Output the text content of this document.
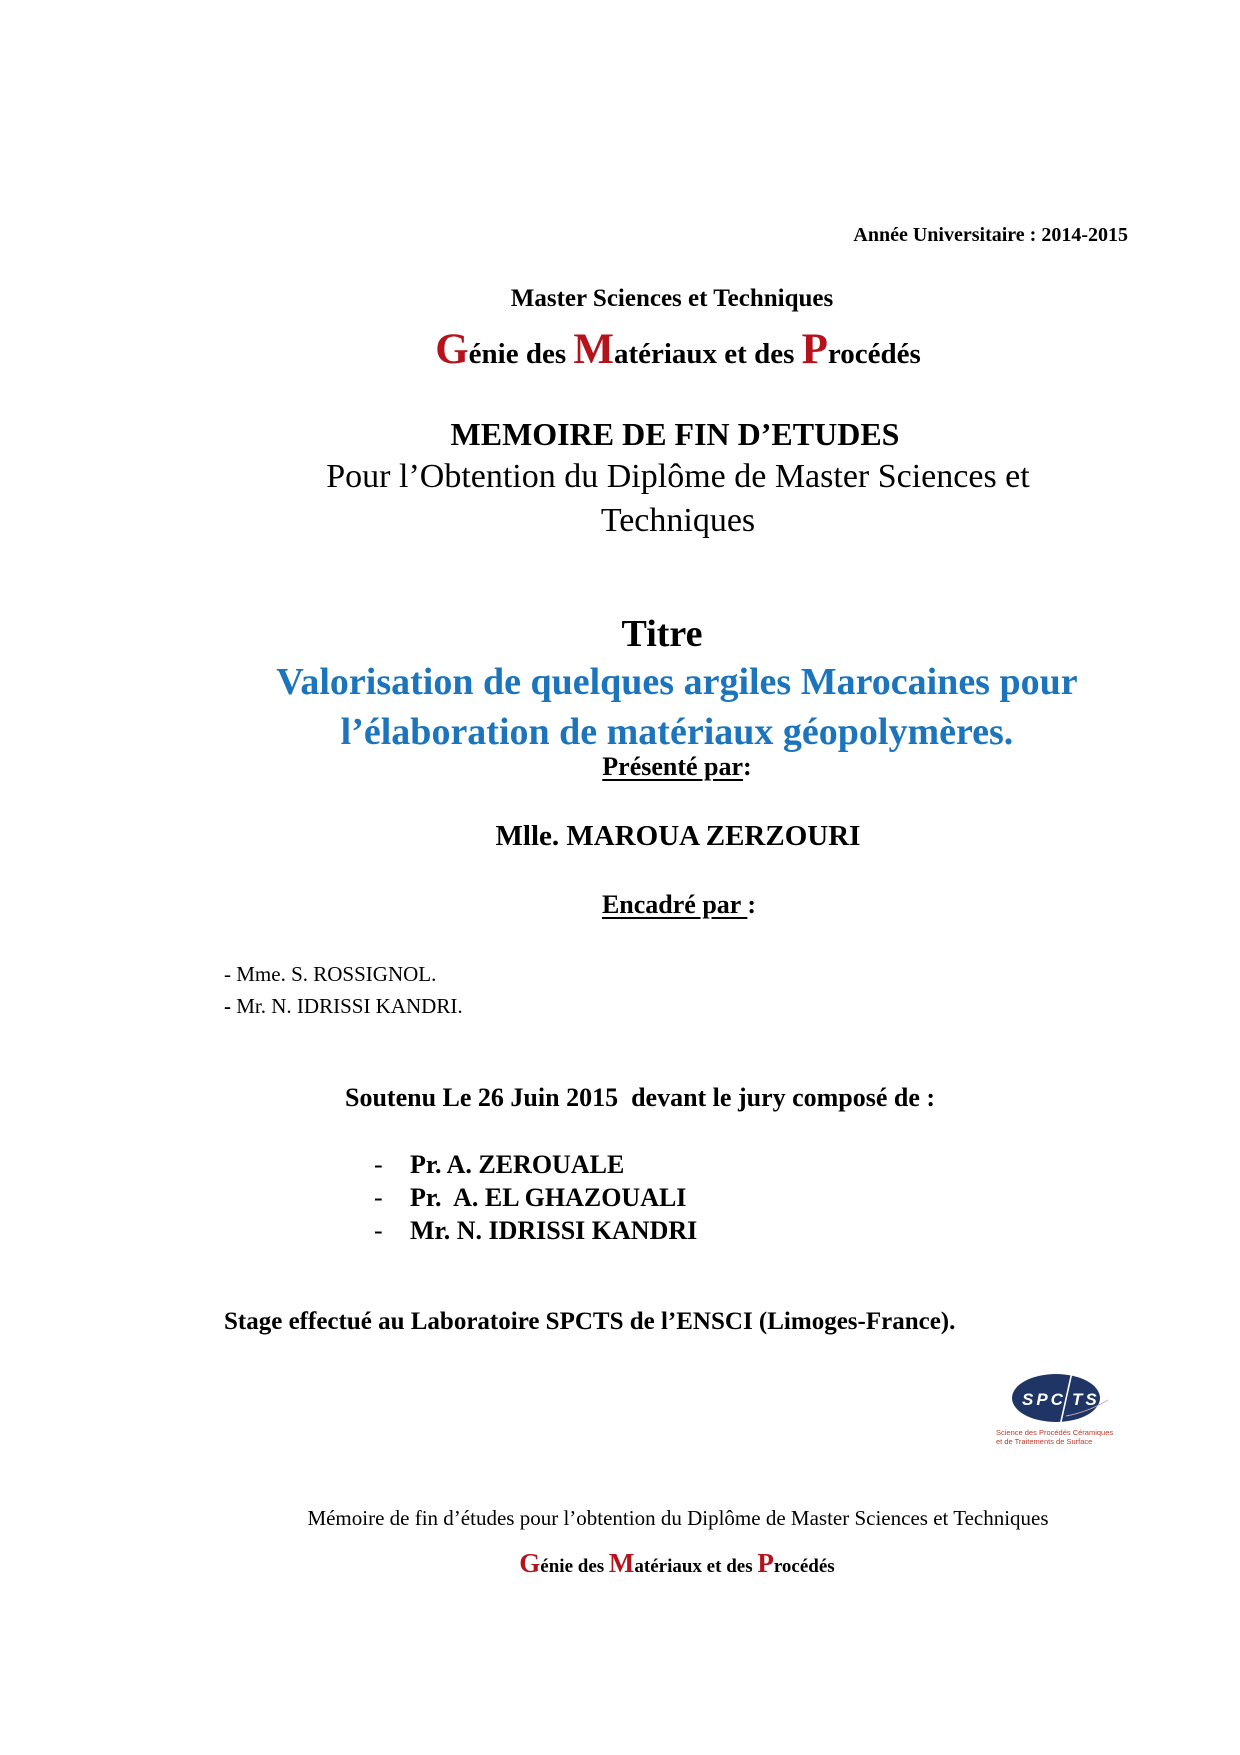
Année Universitaire : 2014-2015
Master Sciences et Techniques
Génie des Matériaux et des Procédés
MEMOIRE DE FIN D’ETUDES
Pour l’Obtention du Diplôme de Master Sciences et
Techniques
Titre
Valorisation de quelques argiles Marocaines pour
l’élaboration de matériaux géopolymères.
Présenté par:
Mlle. MAROUA ZERZOURI
Encadré par :
- Mme. S. ROSSIGNOL.
- Mr. N. IDRISSI KANDRI.
Soutenu Le 26 Juin 2015  devant le jury composé de :
- Pr. A. ZEROUALE
- Pr.  A. EL GHAZOUALI
- Mr. N. IDRISSI KANDRI
Stage effectué au Laboratoire SPCTS de l’ENSCI (Limoges-France).
SPC TS
Science des Procédés Céramiques
et de Traitements de Surface
Mémoire de fin d’études pour l’obtention du Diplôme de Master Sciences et Techniques
Génie des Matériaux et des Procédés
